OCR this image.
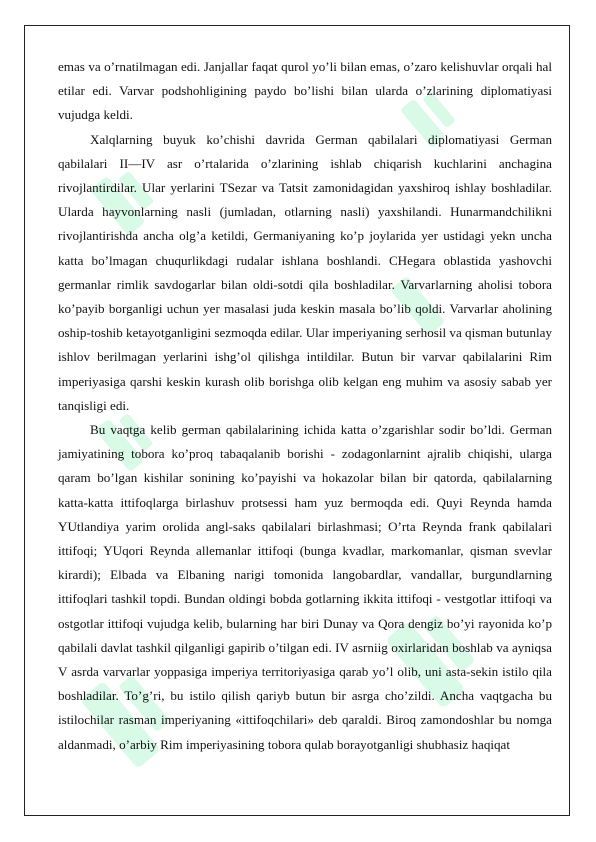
emas va o’rnatilmagan edi. Janjallar faqat qurol yo’li bilan emas, o’zaro kelishuvlar orqali hal etilar edi. Varvar podshohligining paydo bo’lishi bilan ularda o’zlarining diplomatiyasi vujudga keldi.

Xalqlarning buyuk ko’chishi davrida German qabilalari diplomatiyasi German qabilalari II—IV asr o’rtalarida o’zlarining ishlab chiqarish kuchlarini anchagina rivojlantirdilar. Ular yerlarini TSezar va Tatsit zamonidagidan yaxshiroq ishlay boshladilar. Ularda hayvonlarning nasli (jumladan, otlarning nasli) yaxshilandi. Hunarmandchilikni rivojlantirishda ancha olg’a ketildi, Germaniyaning ko’p joylarida yer ustidagi yekn uncha katta bo’lmagan chuqurlikdagi rudalar ishlana boshlandi. CHegara oblastida yashovchi germanlar rimlik savdogarlar bilan oldi-sotdi qila boshladilar. Varvarlarning aholisi tobora ko’payib borganligi uchun yer masalasi juda keskin masala bo’lib qoldi. Varvarlar aholining oship-toshib ketayotganligini sezmoqda edilar. Ular imperiyaning serhosil va qisman butunlay ishlov berilmagan yerlarini ishg’ol qilishga intildilar. Butun bir varvar qabilalarini Rim imperiyasiga qarshi keskin kurash olib borishga olib kelgan eng muhim va asosiy sabab yer tanqisligi edi.

Bu vaqtga kelib german qabilalarining ichida katta o’zgarishlar sodir bo’ldi. German jamiyatining tobora ko’proq tabaqalanib borishi - zodagonlarnint ajralib chiqishi, ularga qaram bo’lgan kishilar sonining ko’payishi va hokazolar bilan bir qatorda, qabilalarning katta-katta ittifoqlarga birlashuv protsessi ham yuz bermoqda edi. Quyi Reynda hamda YUtlandiya yarim orolida angl-saks qabilalari birlashmasi; O’rta Reynda frank qabilalari ittifoqi; YUqori Reynda allemanlar ittifoqi (bunga kvadlar, markomanlar, qisman svevlar kirardi); Elbada va Elbaning narigi tomonida langobardlar, vandallar, burgundlarning ittifoqlari tashkil topdi. Bundan oldingi bobda gotlarning ikkita ittifoqi - vestgotlar ittifoqi va ostgotlar ittifoqi vujudga kelib, bularning har biri Dunay va Qora dengiz bo’yi rayonida ko’p qabilali davlat tashkil qilganligi gapirib o’tilgan edi. IV asrniig oxirlaridan boshlab va ayniqsa V asrda varvarlar yoppasiga imperiya territoriyasiga qarab yo’l olib, uni asta-sekin istilo qila boshladilar. To’g’ri, bu istilo qilish qariyb butun bir asrga cho’zildi. Ancha vaqtgacha bu istilochilar rasman imperiyaning «ittifoqchilari» deb qaraldi. Biroq zamondoshlar bu nomga aldanmadi, o’arbiy Rim imperiyasining tobora qulab borayotganligi shubhasiz haqiqat
